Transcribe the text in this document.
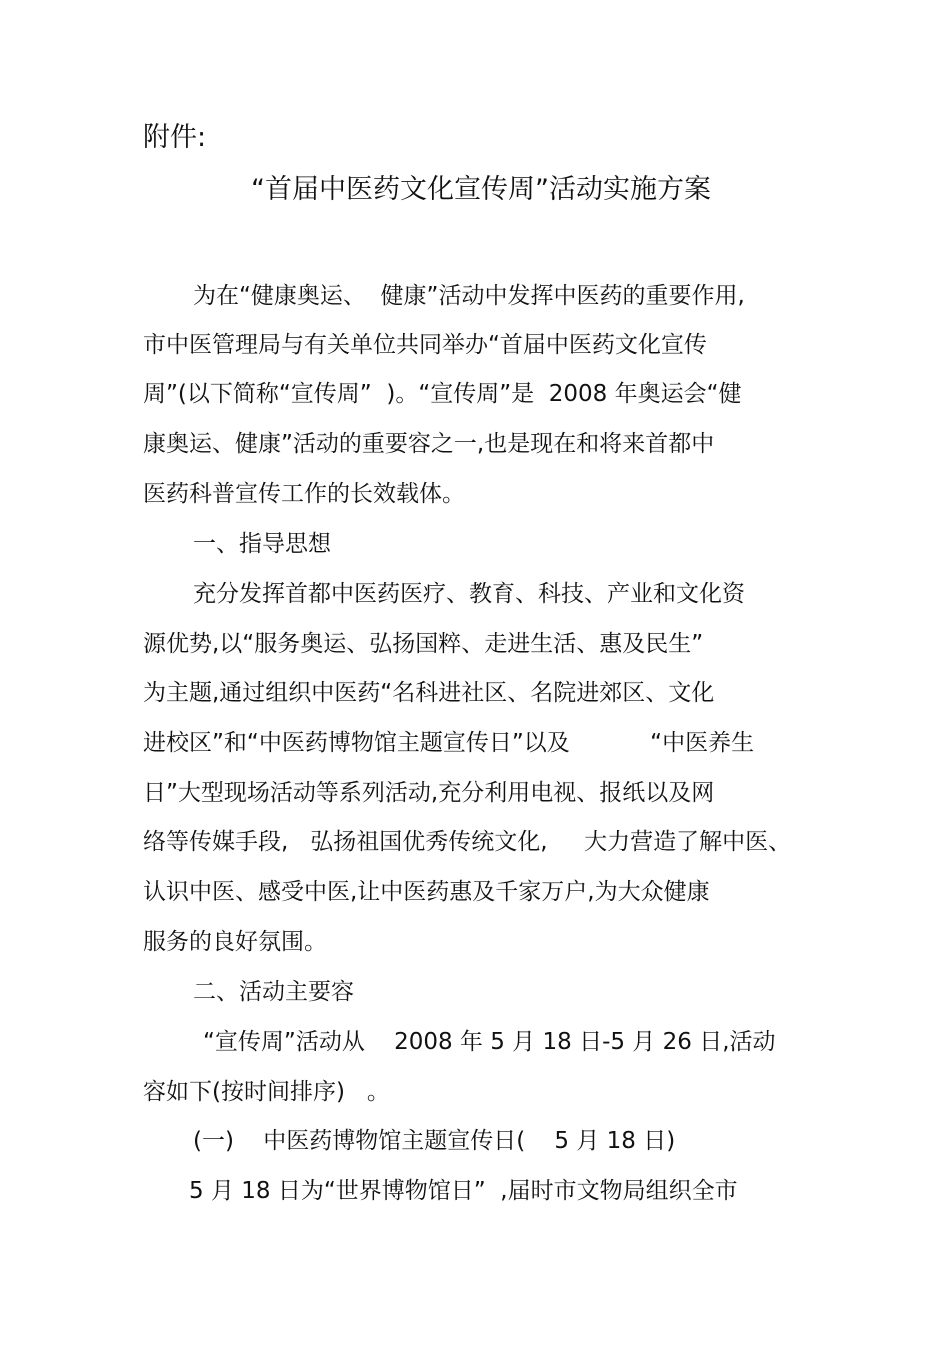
附件:
“首届中医药文化宣传周”活动实施方案

为在“健康奥运、  健康”活动中发挥中医药的重要作用,

市中医管理局与有关单位共同举办“首届中医药文化宣传

周”(以下简称“宣传周”  )。“宣传周”是  2008 年奥运会“健

康奥运、健康”活动的重要容之一,也是现在和将来首都中

医药科普宣传工作的长效载体。

一、指导思想

充分发挥首都中医药医疗、教育、科技、产业和文化资

源优势,以“服务奥运、弘扬国粹、走进生活、惠及民生”

为主题,通过组织中医药“名科进社区、名院进郊区、文化

进校区”和“中医药博物馆主题宣传日”以及           “中医养生

日”大型现场活动等系列活动,充分利用电视、报纸以及网

络等传媒手段,   弘扬祖国优秀传统文化,     大力营造了解中医、

认识中医、感受中医,让中医药惠及千家万户,为大众健康

服务的良好氛围。

二、活动主要容

“宣传周”活动从    2008 年 5 月 18 日-5 月 26 日,活动

容如下(按时间排序)   。

(一)    中医药博物馆主题宣传日(    5 月 18 日)

5 月 18 日为“世界博物馆日”  ,届时市文物局组织全市
